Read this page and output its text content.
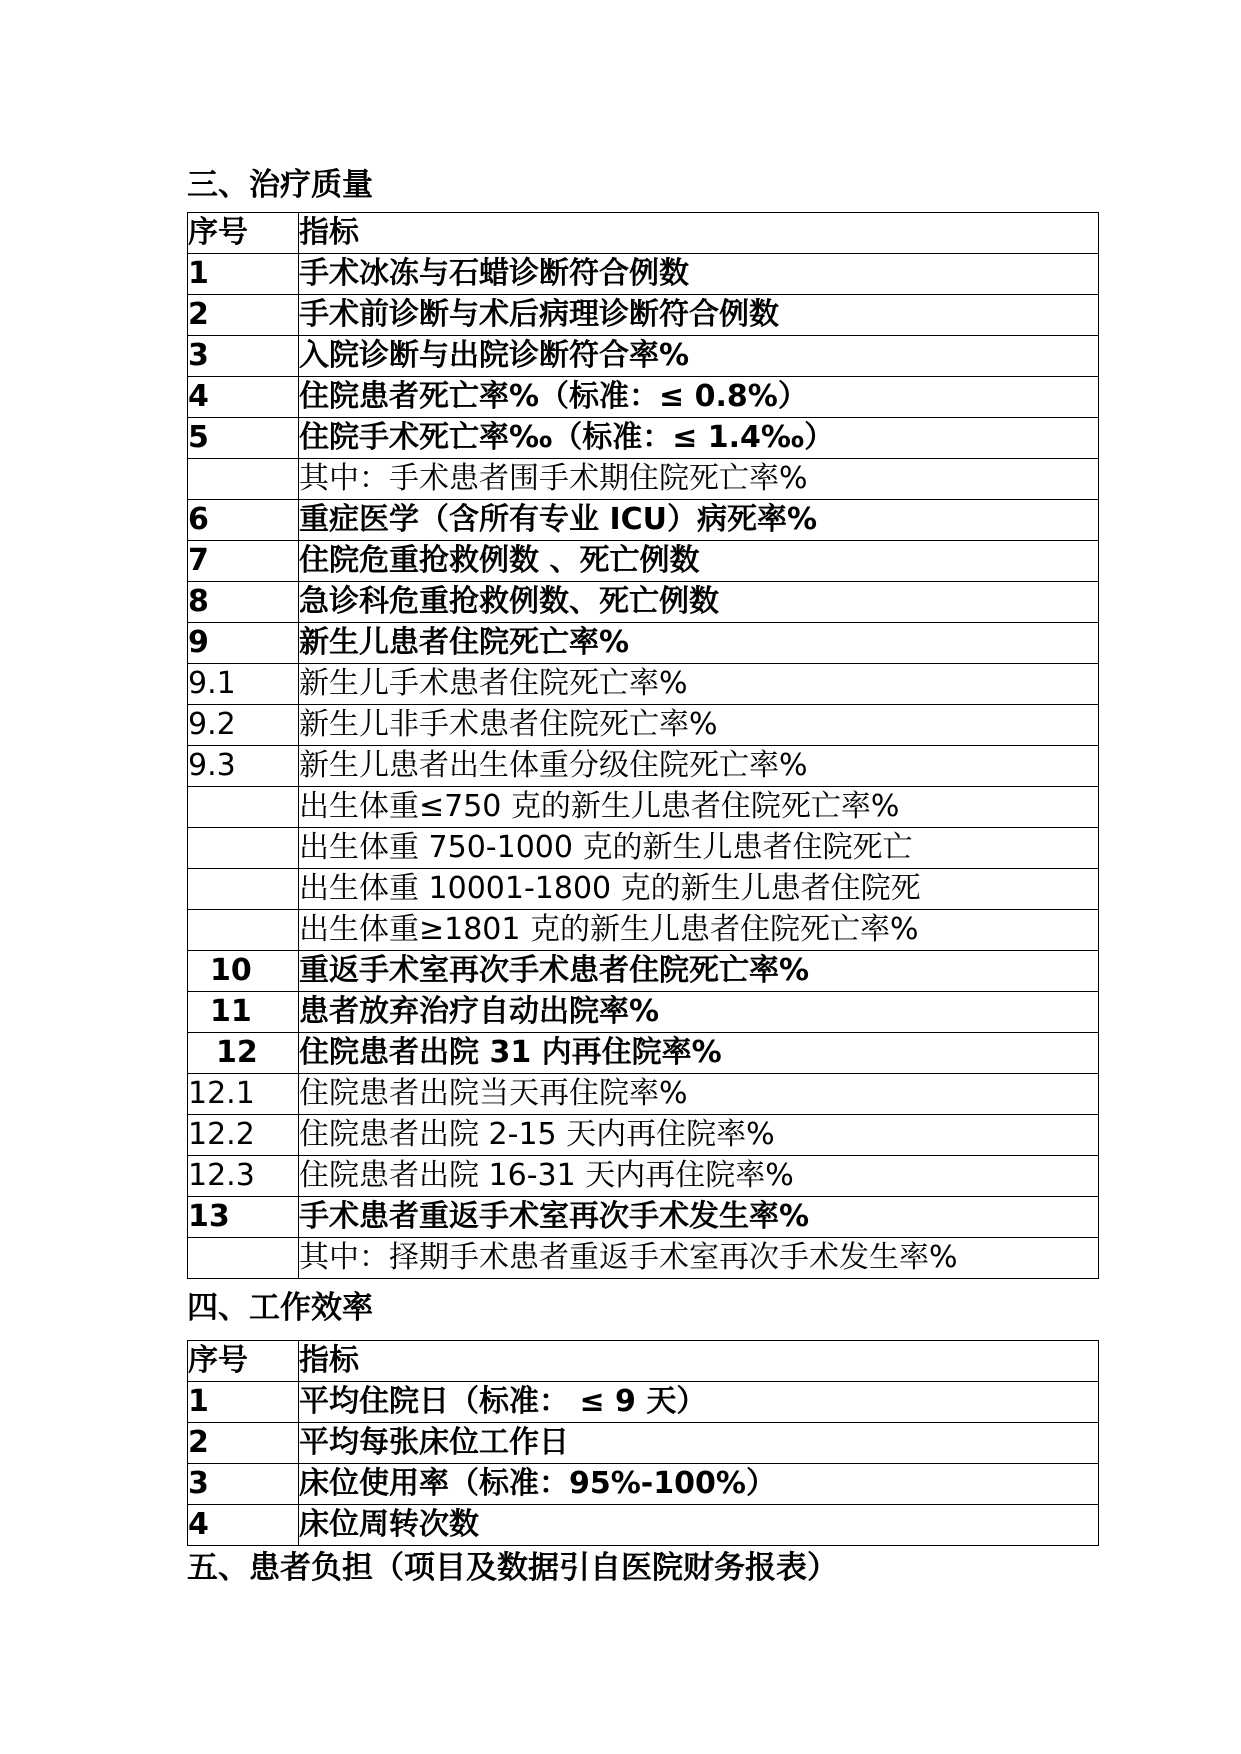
三、治疗质量
序号	指标
1	手术冰冻与石蜡诊断符合例数
2	手术前诊断与术后病理诊断符合例数
3	入院诊断与出院诊断符合率%
4	住院患者死亡率%（标准：≤ 0.8%）
5	住院手术死亡率‰（标准：≤ 1.4‰）
	其中：手术患者围手术期住院死亡率%
6	重症医学（含所有专业 ICU）病死率%
7	住院危重抢救例数 、死亡例数
8	急诊科危重抢救例数、死亡例数
9	新生儿患者住院死亡率%
9.1	新生儿手术患者住院死亡率%
9.2	新生儿非手术患者住院死亡率%
9.3	新生儿患者出生体重分级住院死亡率%
	出生体重≤750 克的新生儿患者住院死亡率%
	出生体重 750-1000 克的新生儿患者住院死亡
	出生体重 10001-1800 克的新生儿患者住院死
	出生体重≥1801 克的新生儿患者住院死亡率%
10	重返手术室再次手术患者住院死亡率%
11	患者放弃治疗自动出院率%
12	住院患者出院 31 内再住院率%
12.1	住院患者出院当天再住院率%
12.2	住院患者出院 2-15 天内再住院率%
12.3	住院患者出院 16-31 天内再住院率%
13	手术患者重返手术室再次手术发生率%
	其中：择期手术患者重返手术室再次手术发生率%
四、工作效率
序号	指标
1	平均住院日（标准： ≤ 9 天）
2	平均每张床位工作日
3	床位使用率（标准：95%-100%）
4	床位周转次数
五、患者负担（项目及数据引自医院财务报表）
